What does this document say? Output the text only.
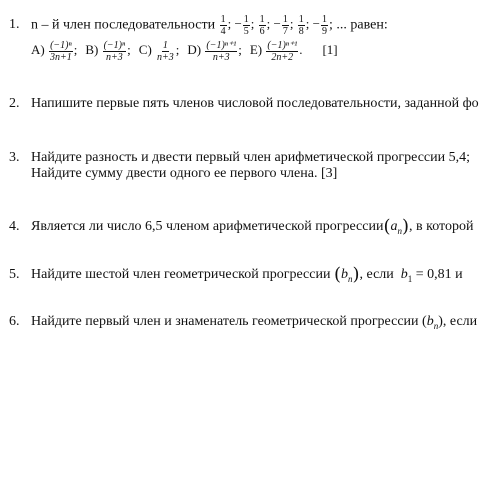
1. n – й член последовательности $\frac{1}{4}$ ; − $\frac{1}{5}$ ; $\frac{1}{6}$ ; − $\frac{1}{7}$ ; $\frac{1}{8}$ ; − $\frac{1}{9}$ ; ... равен:
$A) \frac{\text{(−1)ⁿ}}{3n+1}$ ; $B) \frac{\text{(−1)ⁿ}}{n+3}$ ; $C) \frac{1}{n+3}$ ; $D) \frac{\text{(−1)ⁿ⁺¹}}{n+3}$ ; $E) \frac{\text{(−1)ⁿ⁺¹}}{2n+2}$ . [1]
2. Напишите первые пять членов числовой последовательности, заданной фо
3. Найдите разность и двести первый член арифметической прогрессии 5,4;
Найдите сумму двести одного ее первого члена. [3]
4. Является ли число 6,5 членом арифметической $прогрессии(a_n)$, в которой
5. Найдите шестой член геометрической прогрессии $(b_n)$, если $b_1 = 0,81$ и
6. Найдите первый член и знаменатель геометрической прогрессии $(b_n)$, если
